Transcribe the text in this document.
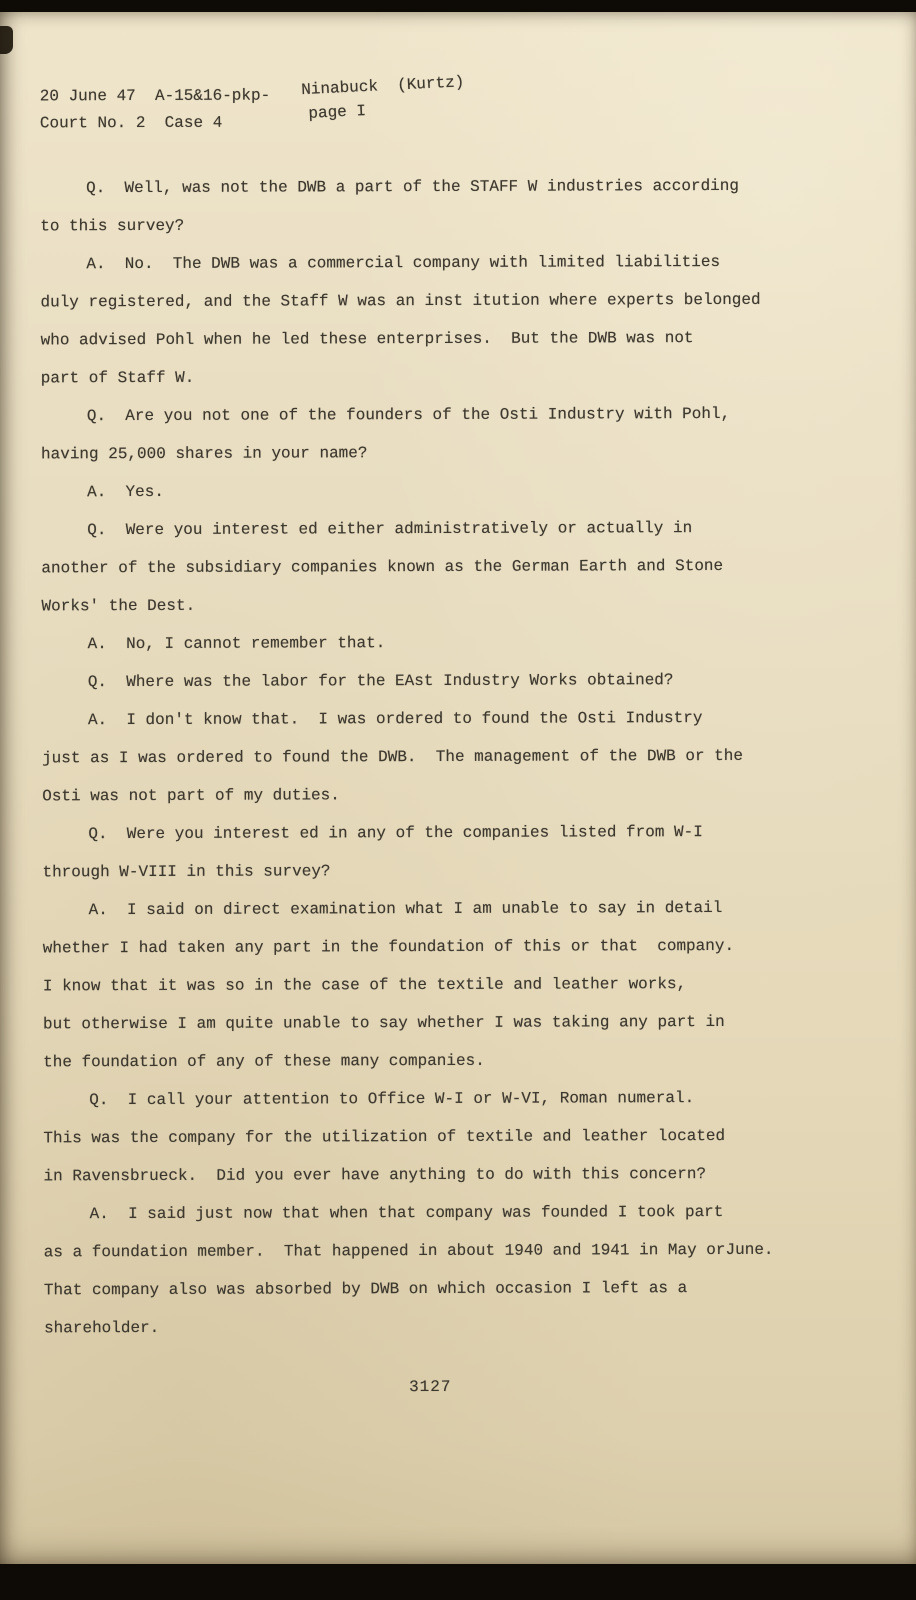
20 June 47  A-15&16-pkp-
Court No. 2  Case 4
Ninabuck  (Kurtz)
page I

Q.  Well, was not the DWB a part of the STAFF W industries according
to this survey?

A.  No.  The DWB was a commercial company with limited liabilities
duly registered, and the Staff W was an inst itution where experts belonged
who advised Pohl when he led these enterprises.  But the DWB was not
part of Staff W.

Q.  Are you not one of the founders of the Osti Industry with Pohl,
having 25,000 shares in your name?

A.  Yes.

Q.  Were you interest ed either administratively or actually in
another of the subsidiary companies known as the German Earth and Stone
Works' the Dest.

A.  No, I cannot remember that.

Q.  Where was the labor for the EAst Industry Works obtained?

A.  I don't know that.  I was ordered to found the Osti Industry
just as I was ordered to found the DWB.  The management of the DWB or the
Osti was not part of my duties.

Q.  Were you interest ed in any of the companies listed from W-I
through W-VIII in this survey?

A.  I said on direct examination what I am unable to say in detail
whether I had taken any part in the foundation of this or that  company.
I know that it was so in the case of the textile and leather works,
but otherwise I am quite unable to say whether I was taking any part in
the foundation of any of these many companies.

Q.  I call your attention to Office W-I or W-VI, Roman numeral.
This was the company for the utilization of textile and leather located
in Ravensbrueck.  Did you ever have anything to do with this concern?

A.  I said just now that when that company was founded I took part
as a foundation member.  That happened in about 1940 and 1941 in May orJune.
That company also was absorbed by DWB on which occasion I left as a
shareholder.

3127
